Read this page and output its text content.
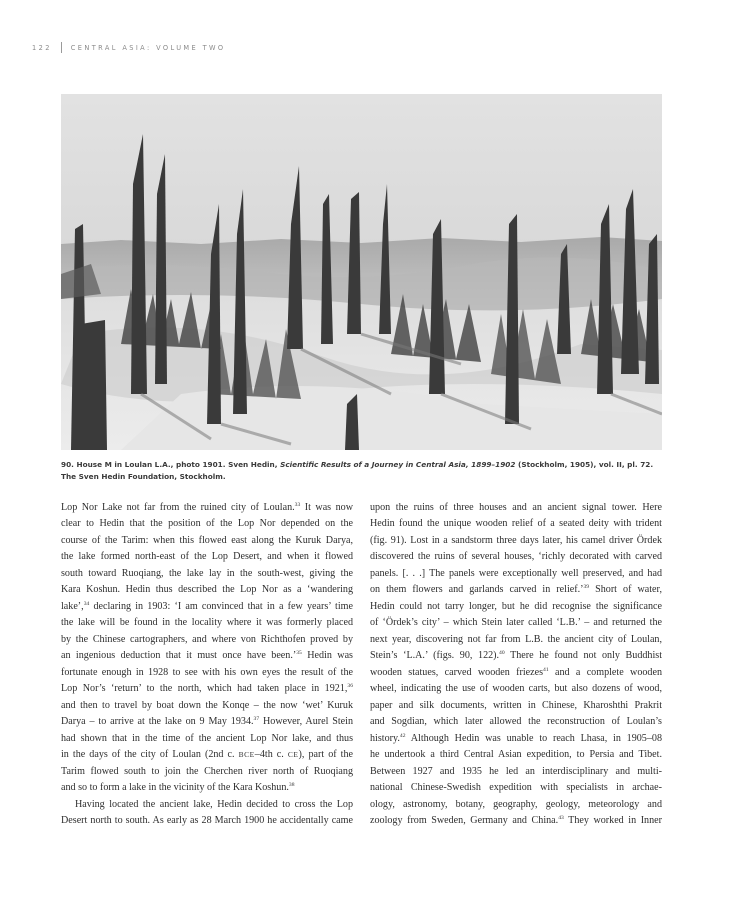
122	CENTRAL ASIA: VOLUME TWO
90. House M in Loulan L.A., photo 1901. Sven Hedin, Scientific Results of a Journey in Central Asia, 1899–1902 (Stockholm, 1905), vol. II, pl. 72. The Sven Hedin Foundation, Stockholm.

Lop Nor Lake not far from the ruined city of Loulan.$^{33}$ It was now
clear to Hedin that the position of the Lop Nor depended on the
course of the Tarim: when this flowed east along the Kuruk Darya,
the lake formed north-east of the Lop Desert, and when it flowed
south toward Ruoqiang, the lake lay in the south-west, giving the
Kara Koshun. Hedin thus described the Lop Nor as a ‘wandering
lake’,$^{34}$ declaring in 1903: ‘I am convinced that in a few years’ time
the lake will be found in the locality where it was formerly placed
by the Chinese cartographers, and where von Richthofen proved by
an ingenious deduction that it must once have been.’$^{35}$ Hedin was
fortunate enough in 1928 to see with his own eyes the result of the
Lop Nor’s ‘return’ to the north, which had taken place in 1921,36
and then to travel by boat down the Konqe – the now ‘wet’ Kuruk
Darya – to arrive at the lake on 9 May 1934.37 However, Aurel Stein
had shown that in the time of the ancient Lop Nor lake, and thus
in the days of the city of Loulan (2nd c. BCE–4th c. CE), part of the
Tarim flowed south to join the Cherchen river north of Ruoqiang
and so to form a lake in the vicinity of the Kara Koshun.$^{38}$

Having located the ancient lake, Hedin decided to cross the Lop
Desert north to south. As early as 28 March 1900 he accidentally came

upon the ruins of three houses and an ancient signal tower. Here
Hedin found the unique wooden relief of a seated deity with trident
(fig. 91). Lost in a sandstorm three days later, his camel driver Ördek
discovered the ruins of several houses, ‘richly decorated with carved
panels. [. . .] The panels were exceptionally well preserved, and had
on them flowers and garlands carved in relief.’$^{39}$ Short of water,
Hedin could not tarry longer, but he did recognise the significance
of ‘Ördek’s city’ – which Stein later called ‘L.B.’ – and returned the
next year, discovering not far from L.B. the ancient city of Loulan,
Stein’s ‘L.A.’ (figs. 90, 122).$^{40}$ There he found not only Buddhist
wooden statues, carved wooden friezes$^{41}$ and a complete wooden
wheel, indicating the use of wooden carts, but also dozens of wood,
paper and silk documents, written in Chinese, Kharoshthi Prakrit
and Sogdian, which later allowed the reconstruction of Loulan’s
history.$^{42}$ Although Hedin was unable to reach Lhasa, in 1905–08
he undertook a third Central Asian expedition, to Persia and Tibet.
Between 1927 and 1935 he led an interdisciplinary and multi-
national Chinese-Swedish expedition with specialists in archae-
ology, astronomy, botany, geography, geology, meteorology and
zoology from Sweden, Germany and China.$^{43}$ They worked in Inner
